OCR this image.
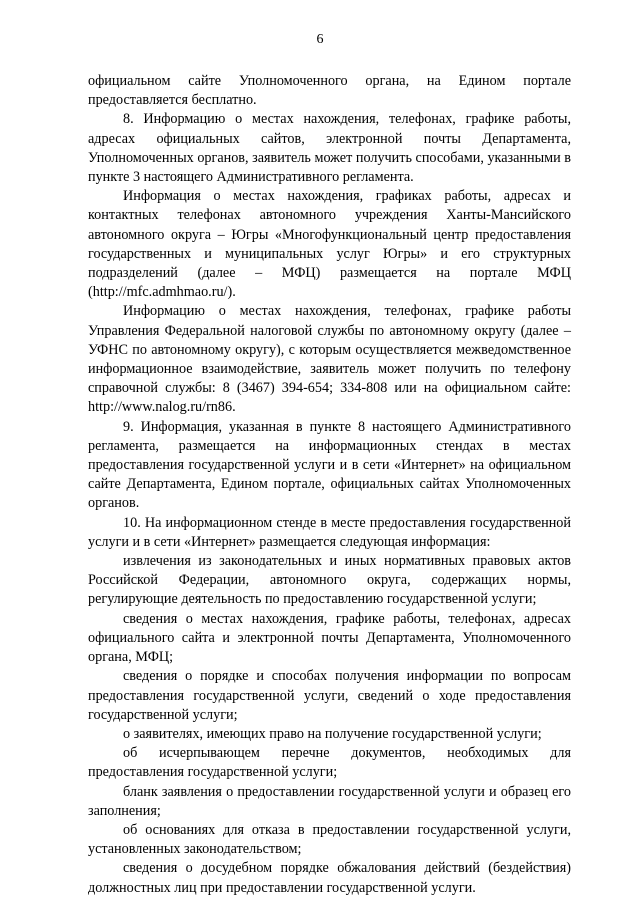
6

официальном сайте Уполномоченного органа, на Едином портале предоставляется бесплатно.

8. Информацию о местах нахождения, телефонах, графике работы, адресах официальных сайтов, электронной почты Департамента, Уполномоченных органов, заявитель может получить способами, указанными в пункте 3 настоящего Административного регламента.

Информация о местах нахождения, графиках работы, адресах и контактных телефонах автономного учреждения Ханты-Мансийского автономного округа – Югры «Многофункциональный центр предоставления государственных и муниципальных услуг Югры» и его структурных подразделений (далее – МФЦ) размещается на портале МФЦ (http://mfc.admhmao.ru/).

Информацию о местах нахождения, телефонах, графике работы Управления Федеральной налоговой службы по автономному округу (далее – УФНС по автономному округу), с которым осуществляется межведомственное информационное взаимодействие, заявитель может получить по телефону справочной службы: 8 (3467) 394-654; 334-808 или на официальном сайте: http://www.nalog.ru/rn86.

9. Информация, указанная в пункте 8 настоящего Административного регламента, размещается на информационных стендах в местах предоставления государственной услуги и в сети «Интернет» на официальном сайте Департамента, Едином портале, официальных сайтах Уполномоченных органов.

10. На информационном стенде в месте предоставления государственной услуги и в сети «Интернет» размещается следующая информация:

извлечения из законодательных и иных нормативных правовых актов Российской Федерации, автономного округа, содержащих нормы, регулирующие деятельность по предоставлению государственной услуги;

сведения о местах нахождения, графике работы, телефонах, адресах официального сайта и электронной почты Департамента, Уполномоченного органа, МФЦ;

сведения о порядке и способах получения информации по вопросам предоставления государственной услуги, сведений о ходе предоставления государственной услуги;

о заявителях, имеющих право на получение государственной услуги;

об исчерпывающем перечне документов, необходимых для предоставления государственной услуги;

бланк заявления о предоставлении государственной услуги и образец его заполнения;

об основаниях для отказа в предоставлении государственной услуги, установленных законодательством;

сведения о досудебном порядке обжалования действий (бездействия) должностных лиц при предоставлении государственной услуги.
